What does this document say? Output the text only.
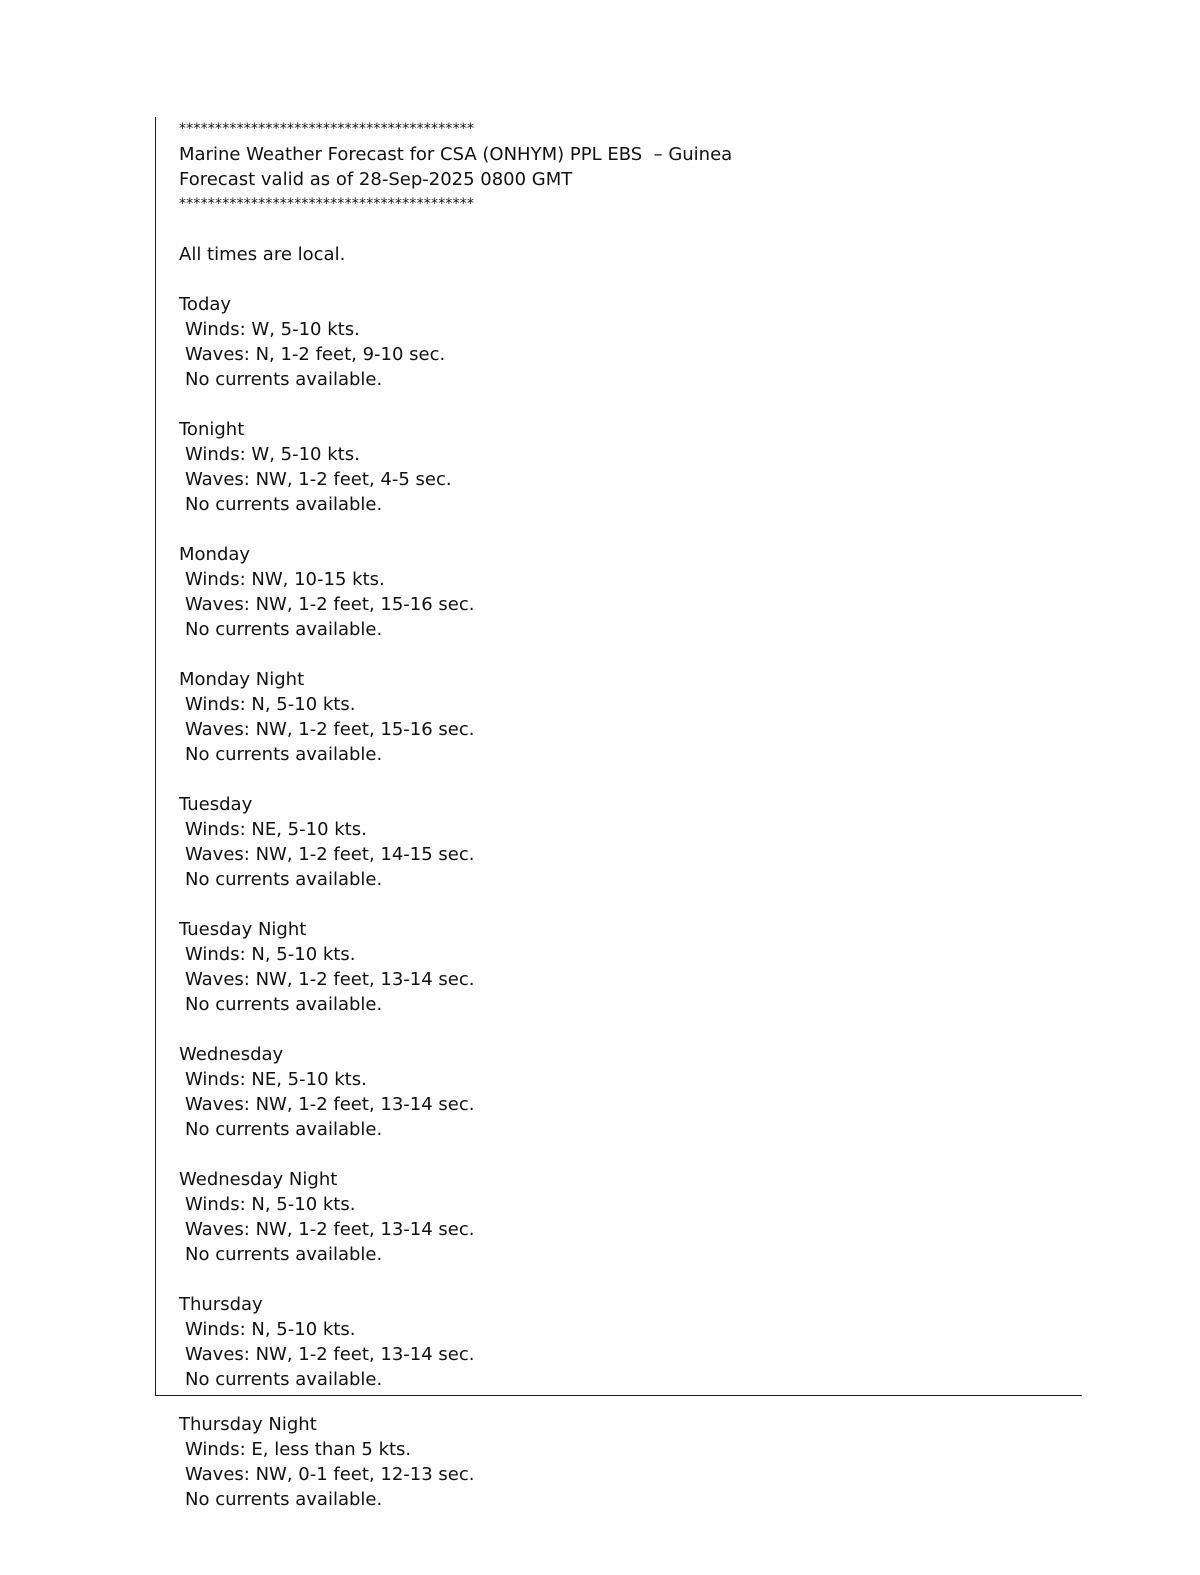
*****************************************
Marine Weather Forecast for CSA (ONHYM) PPL EBS  – Guinea
Forecast valid as of 28-Sep-2025 0800 GMT
*****************************************
All times are local.
Today
Winds: W, 5-10 kts.
Waves: N, 1-2 feet, 9-10 sec.
No currents available.
Tonight
Winds: W, 5-10 kts.
Waves: NW, 1-2 feet, 4-5 sec.
No currents available.
Monday
Winds: NW, 10-15 kts.
Waves: NW, 1-2 feet, 15-16 sec.
No currents available.
Monday Night
Winds: N, 5-10 kts.
Waves: NW, 1-2 feet, 15-16 sec.
No currents available.
Tuesday
Winds: NE, 5-10 kts.
Waves: NW, 1-2 feet, 14-15 sec.
No currents available.
Tuesday Night
Winds: N, 5-10 kts.
Waves: NW, 1-2 feet, 13-14 sec.
No currents available.
Wednesday
Winds: NE, 5-10 kts.
Waves: NW, 1-2 feet, 13-14 sec.
No currents available.
Wednesday Night
Winds: N, 5-10 kts.
Waves: NW, 1-2 feet, 13-14 sec.
No currents available.
Thursday
Winds: N, 5-10 kts.
Waves: NW, 1-2 feet, 13-14 sec.
No currents available.
Thursday Night
Winds: E, less than 5 kts.
Waves: NW, 0-1 feet, 12-13 sec.
No currents available.
